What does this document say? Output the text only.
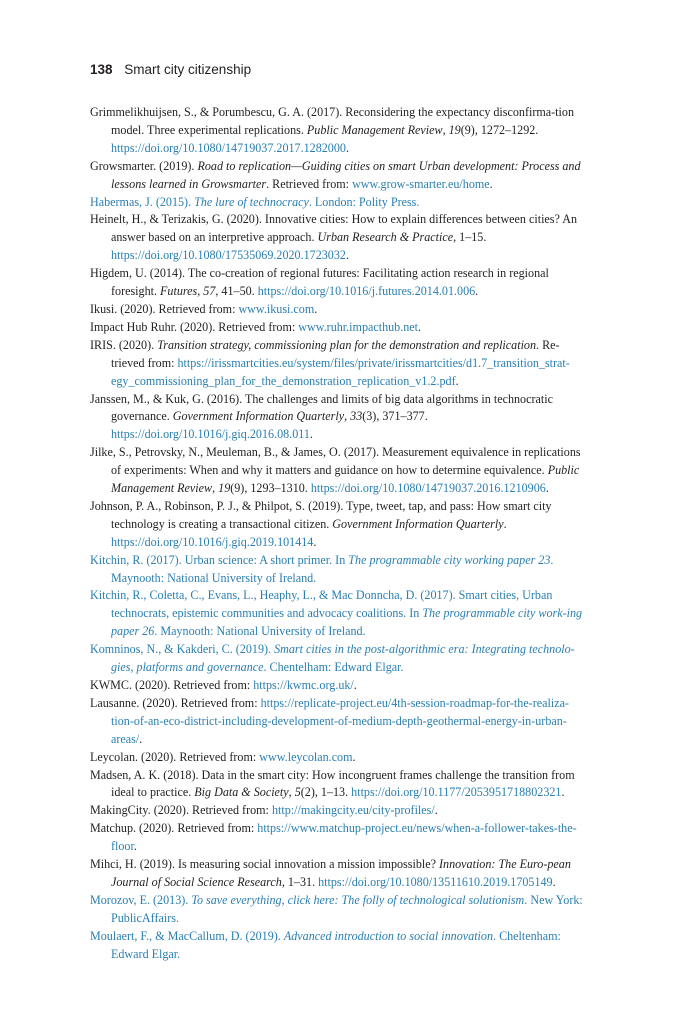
138 Smart city citizenship
Grimmelikhuijsen, S., & Porumbescu, G. A. (2017). Reconsidering the expectancy disconfirma-tion model. Three experimental replications. Public Management Review, 19(9), 1272–1292. https://doi.org/10.1080/14719037.2017.1282000.
Growsmarter. (2019). Road to replication—Guiding cities on smart Urban development: Process and lessons learned in Growsmarter. Retrieved from: www.grow-smarter.eu/home.
Habermas, J. (2015). The lure of technocracy. London: Polity Press.
Heinelt, H., & Terizakis, G. (2020). Innovative cities: How to explain differences between cities? An answer based on an interpretive approach. Urban Research & Practice, 1–15. https://doi.org/10.1080/17535069.2020.1723032.
Higdem, U. (2014). The co-creation of regional futures: Facilitating action research in regional foresight. Futures, 57, 41–50. https://doi.org/10.1016/j.futures.2014.01.006.
Ikusi. (2020). Retrieved from: www.ikusi.com.
Impact Hub Ruhr. (2020). Retrieved from: www.ruhr.impacthub.net.
IRIS. (2020). Transition strategy, commissioning plan for the demonstration and replication. Re-trieved from: https://irissmartcities.eu/system/files/private/irissmartcities/d1.7_transition_strat-egy_commissioning_plan_for_the_demonstration_replication_v1.2.pdf.
Janssen, M., & Kuk, G. (2016). The challenges and limits of big data algorithms in technocratic governance. Government Information Quarterly, 33(3), 371–377. https://doi.org/10.1016/j.giq.2016.08.011.
Jilke, S., Petrovsky, N., Meuleman, B., & James, O. (2017). Measurement equivalence in replications of experiments: When and why it matters and guidance on how to determine equivalence. Public Management Review, 19(9), 1293–1310. https://doi.org/10.1080/14719037.2016.1210906.
Johnson, P. A., Robinson, P. J., & Philpot, S. (2019). Type, tweet, tap, and pass: How smart city technology is creating a transactional citizen. Government Information Quarterly. https://doi.org/10.1016/j.giq.2019.101414.
Kitchin, R. (2017). Urban science: A short primer. In The programmable city working paper 23. Maynooth: National University of Ireland.
Kitchin, R., Coletta, C., Evans, L., Heaphy, L., & Mac Donncha, D. (2017). Smart cities, Urban technocrats, epistemic communities and advocacy coalitions. In The programmable city work-ing paper 26. Maynooth: National University of Ireland.
Komninos, N., & Kakderi, C. (2019). Smart cities in the post-algorithmic era: Integrating technolo-gies, platforms and governance. Chentelham: Edward Elgar.
KWMC. (2020). Retrieved from: https://kwmc.org.uk/.
Lausanne. (2020). Retrieved from: https://replicate-project.eu/4th-session-roadmap-for-the-realiza-tion-of-an-eco-district-including-development-of-medium-depth-geothermal-energy-in-urban-areas/.
Leycolan. (2020). Retrieved from: www.leycolan.com.
Madsen, A. K. (2018). Data in the smart city: How incongruent frames challenge the transition from ideal to practice. Big Data & Society, 5(2), 1–13. https://doi.org/10.1177/2053951718802321.
MakingCity. (2020). Retrieved from: http://makingcity.eu/city-profiles/.
Matchup. (2020). Retrieved from: https://www.matchup-project.eu/news/when-a-follower-takes-the-floor.
Mihci, H. (2019). Is measuring social innovation a mission impossible? Innovation: The Euro-pean Journal of Social Science Research, 1–31. https://doi.org/10.1080/13511610.2019.1705149.
Morozov, E. (2013). To save everything, click here: The folly of technological solutionism. New York: PublicAffairs.
Moulaert, F., & MacCallum, D. (2019). Advanced introduction to social innovation. Cheltenham: Edward Elgar.
